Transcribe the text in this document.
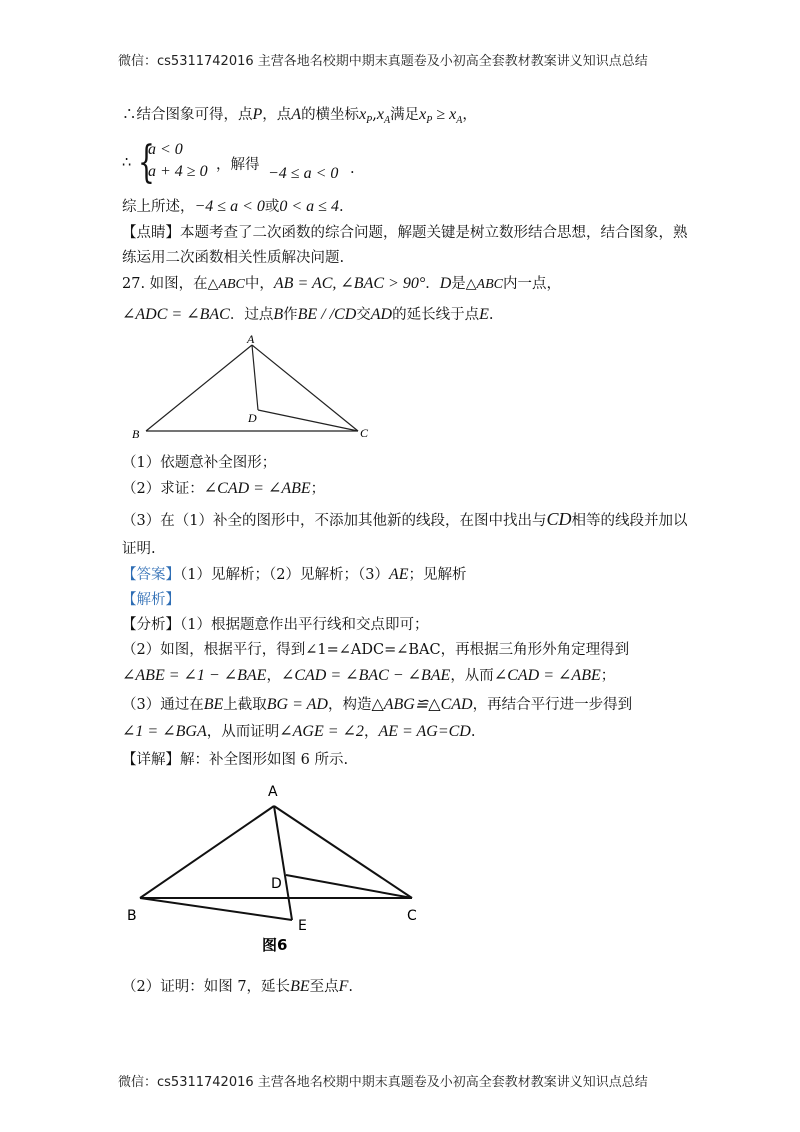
微信：cs5311742016 主营各地名校期中期末真题卷及小初高全套教材教案讲义知识点总结
微信：cs5311742016 主营各地名校期中期末真题卷及小初高全套教材教案讲义知识点总结
∴结合图象可得，点P，点A的横坐标$x_P,x_A$满足$x_P \ge x_A$，
∴ {
a < 0
a + 4 ≥ 0 ，解得 −4 ≤ a < 0 .
综上所述，−4 ≤ a < 0或0 < a ≤ 4.
【点睛】本题考查了二次函数的综合问题，解题关键是树立数形结合思想，结合图象，熟
练运用二次函数相关性质解决问题.
27. 如图，在△ABC中，AB = AC, ∠BAC > 90°．D是△ABC内一点，
∠ADC = ∠BAC．过点B作BE / /CD交AD的延长线于点E.
A
B	C
D
（1）依题意补全图形；
（2）求证：∠CAD = ∠ABE；
（3）在（1）补全的图形中，不添加其他新的线段，在图中找出与CD相等的线段并加以
证明.
【答案】（1）见解析；（2）见解析；（3）AE；见解析
【解析】
【分析】（1）根据题意作出平行线和交点即可；
（2）如图，根据平行，得到∠1=∠ADC=∠BAC，再根据三角形外角定理得到
∠ABE = ∠1 − ∠BAE，∠CAD = ∠BAC − ∠BAE，从而∠CAD = ∠ABE；
（3）通过在BE上截取BG = AD，构造△ABG≌△CAD，再结合平行进一步得到
∠1 = ∠BGA，从而证明∠AGE = ∠2，AE = AG=CD.
【详解】解：补全图形如图 6 所示.
A
B	C
D
E
图6
（2）证明：如图 7，延长BE至点F.
